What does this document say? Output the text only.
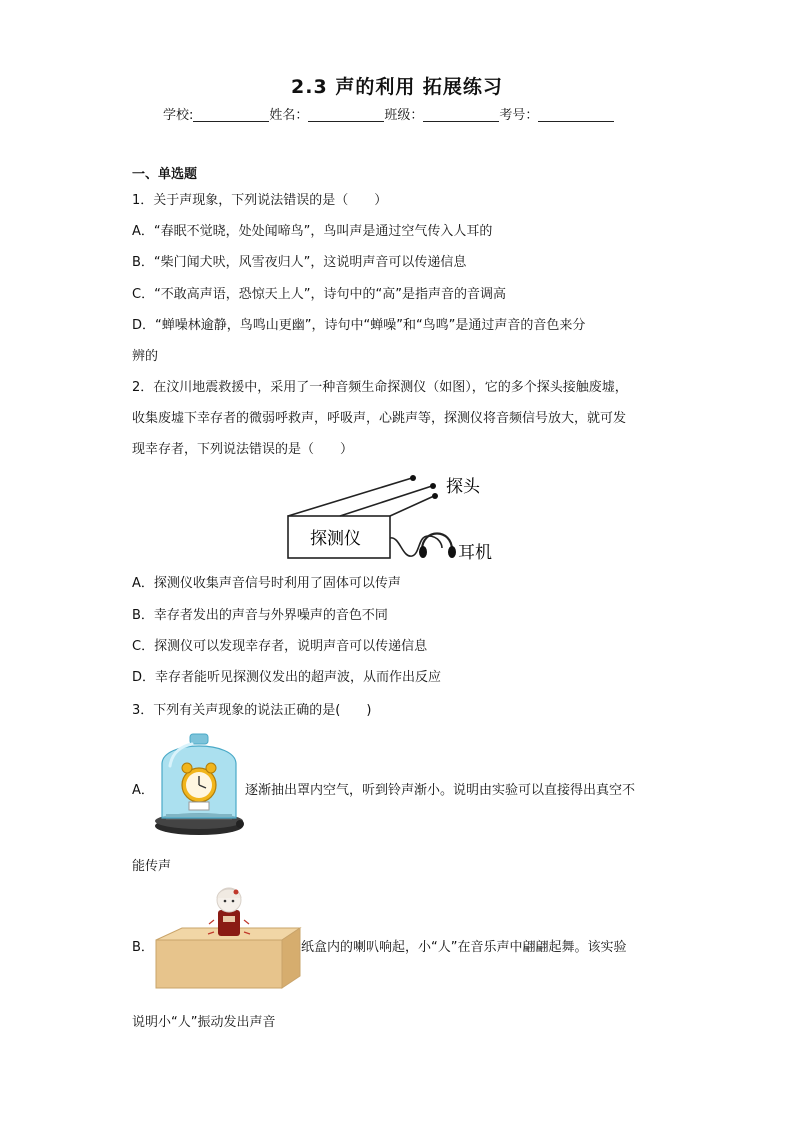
2.3 声的利用 拓展练习
学校:	姓名：	班级：	考号：
一、单选题
1．关于声现象，下列说法错误的是（　　）
A．“春眠不觉晓，处处闻啼鸟”，鸟叫声是通过空气传入人耳的
B．“柴门闻犬吠，风雪夜归人”，这说明声音可以传递信息
C．“不敢高声语，恐惊天上人”，诗句中的“高”是指声音的音调高
D．“蝉噪林逾静，鸟鸣山更幽”，诗句中“蝉噪”和“鸟鸣”是通过声音的音色来分
辨的
2．在汶川地震救援中，采用了一种音频生命探测仪（如图），它的多个探头接触废墟，
收集废墟下幸存者的微弱呼救声，呼吸声，心跳声等，探测仪将音频信号放大，就可发
现幸存者，下列说法错误的是（　　）
探头
探测仪
耳机
A．探测仪收集声音信号时利用了固体可以传声
B．幸存者发出的声音与外界噪声的音色不同
C．探测仪可以发现幸存者，说明声音可以传递信息
D．幸存者能听见探测仪发出的超声波，从而作出反应
3．下列有关声现象的说法正确的是(　　)
A．	逐渐抽出罩内空气，听到铃声渐小。说明由实验可以直接得出真空不
能传声
B．	纸盒内的喇叭响起，小“人”在音乐声中翩翩起舞。该实验
说明小“人”振动发出声音
